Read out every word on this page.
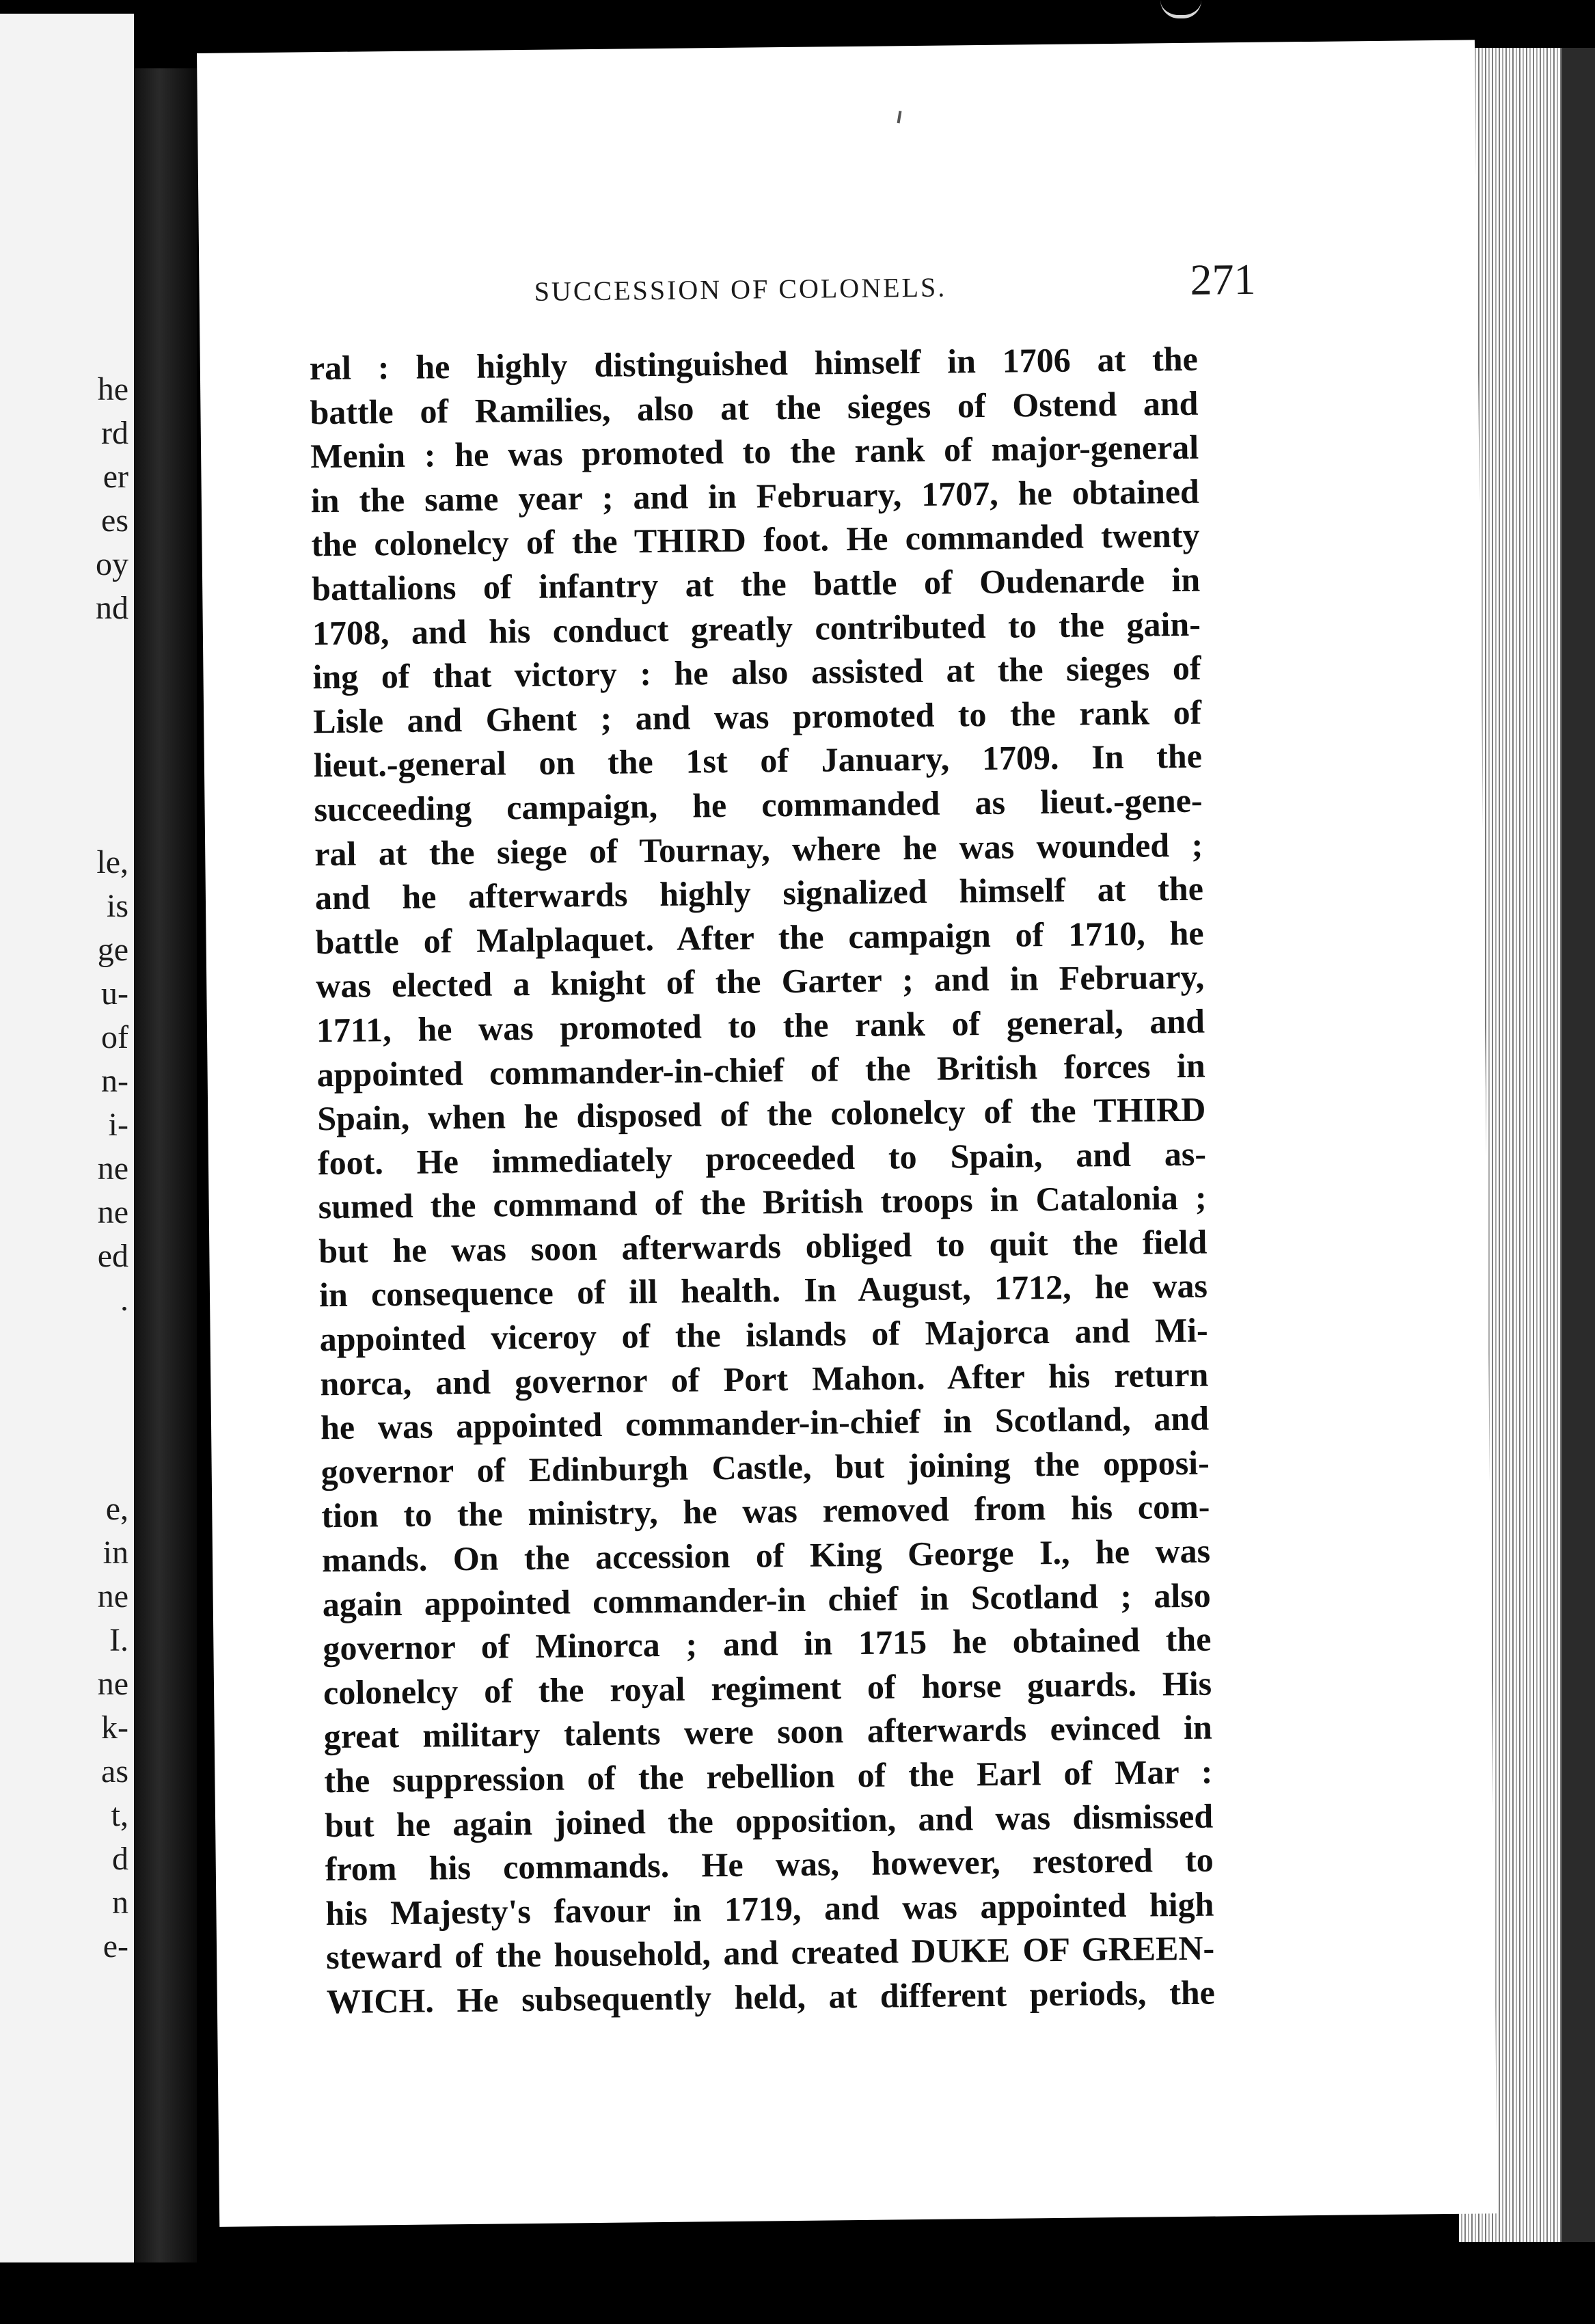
he
rd
er
es
oy
nd
le,
is
ge
u-
of
n-
i-
ne
ne
ed
.
e,
in
ne
I.
ne
k-
as
t,
d
n
e-
SUCCESSION OF COLONELS.	271
ral : he highly distinguished himself in 1706 at the
battle of Ramilies, also at the sieges of Ostend and
Menin : he was promoted to the rank of major-general
in the same year ; and in February, 1707, he obtained
the colonelcy of the THIRD foot. He commanded twenty
battalions of infantry at the battle of Oudenarde in
1708, and his conduct greatly contributed to the gain-
ing of that victory : he also assisted at the sieges of
Lisle and Ghent ; and was promoted to the rank of
lieut.-general on the 1st of January, 1709. In the
succeeding campaign, he commanded as lieut.-gene-
ral at the siege of Tournay, where he was wounded ;
and he afterwards highly signalized himself at the
battle of Malplaquet. After the campaign of 1710, he
was elected a knight of the Garter ; and in February,
1711, he was promoted to the rank of general, and
appointed commander-in-chief of the British forces in
Spain, when he disposed of the colonelcy of the THIRD
foot. He immediately proceeded to Spain, and as-
sumed the command of the British troops in Catalonia ;
but he was soon afterwards obliged to quit the field
in consequence of ill health. In August, 1712, he was
appointed viceroy of the islands of Majorca and Mi-
norca, and governor of Port Mahon. After his return
he was appointed commander-in-chief in Scotland, and
governor of Edinburgh Castle, but joining the opposi-
tion to the ministry, he was removed from his com-
mands. On the accession of King George I., he was
again appointed commander-in chief in Scotland ; also
governor of Minorca ; and in 1715 he obtained the
colonelcy of the royal regiment of horse guards. His
great military talents were soon afterwards evinced in
the suppression of the rebellion of the Earl of Mar :
but he again joined the opposition, and was dismissed
from his commands. He was, however, restored to
his Majesty's favour in 1719, and was appointed high
steward of the household, and created DUKE OF GREEN-
WICH. He subsequently held, at different periods, the
